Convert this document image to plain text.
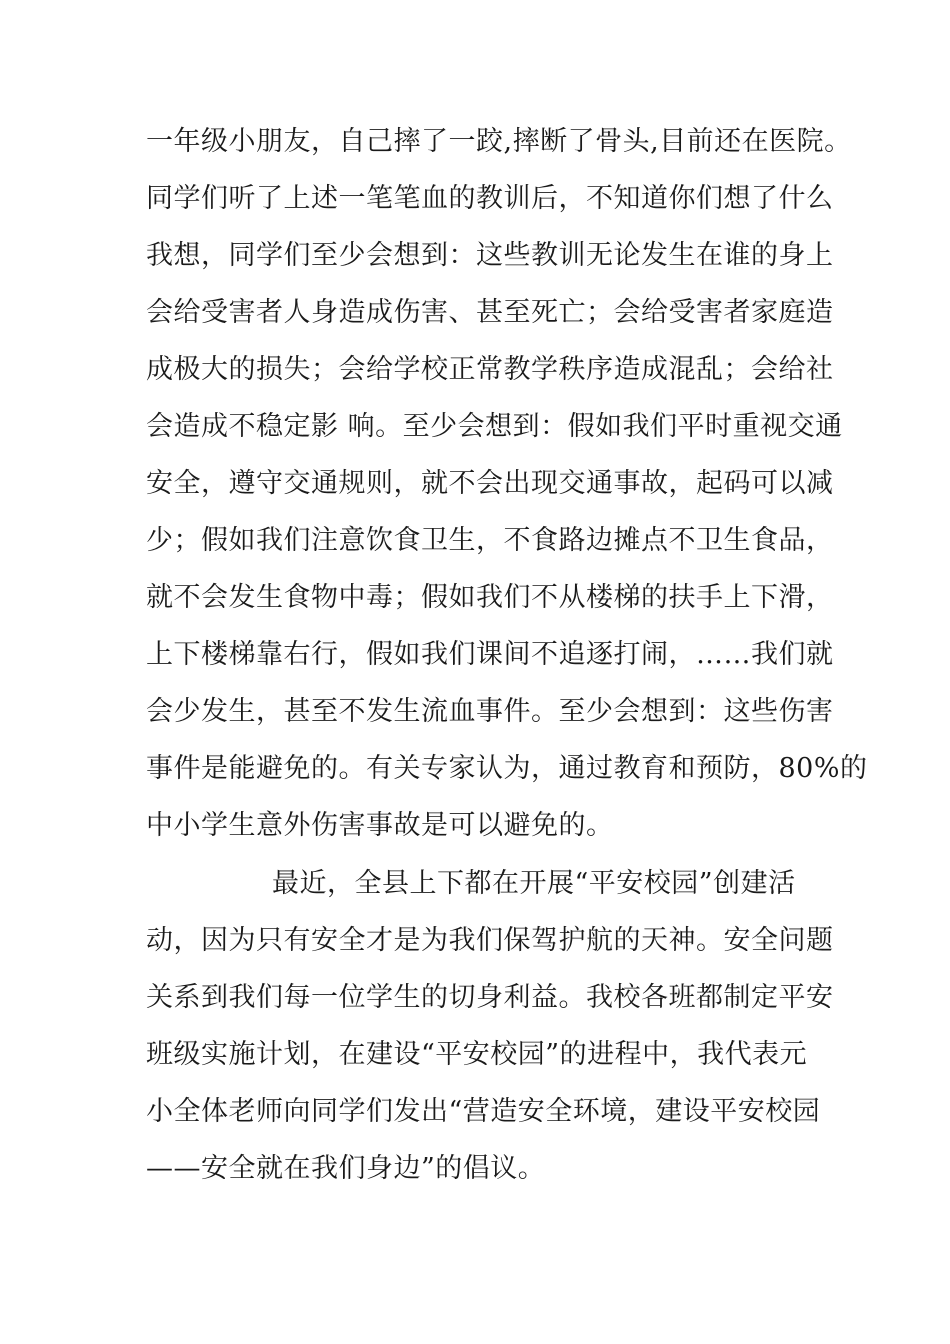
一年级小朋友，自己摔了一跤,摔断了骨头,目前还在医院。

同学们听了上述一笔笔血的教训后，不知道你们想了什么

我想，同学们至少会想到：这些教训无论发生在谁的身上

会给受害者人身造成伤害、甚至死亡；会给受害者家庭造

成极大的损失；会给学校正常教学秩序造成混乱；会给社

会造成不稳定影 响。至少会想到：假如我们平时重视交通

安全，遵守交通规则，就不会出现交通事故，起码可以减

少；假如我们注意饮食卫生，不食路边摊点不卫生食品，

就不会发生食物中毒；假如我们不从楼梯的扶手上下滑，

上下楼梯靠右行，假如我们课间不追逐打闹，……我们就

会少发生，甚至不发生流血事件。至少会想到：这些伤害

事件是能避免的。有关专家认为，通过教育和预防，80%的

中小学生意外伤害事故是可以避免的。

最近，全县上下都在开展“平安校园”创建活

动，因为只有安全才是为我们保驾护航的天神。安全问题

关系到我们每一位学生的切身利益。我校各班都制定平安

班级实施计划，在建设“平安校园”的进程中，我代表元

小全体老师向同学们发出“营造安全环境，建设平安校园

——安全就在我们身边”的倡议。
